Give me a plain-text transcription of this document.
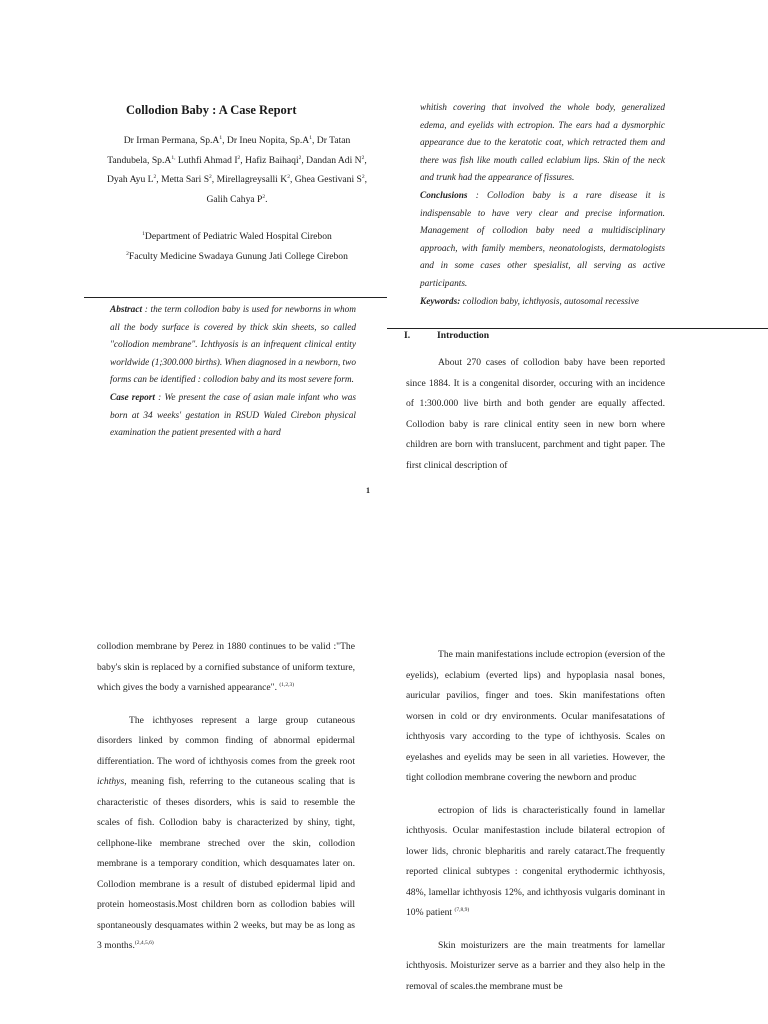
Collodion Baby : A Case Report
Dr Irman Permana, $Sp.A^1$, Dr Ineu Nopita, $Sp.A^1$, Dr Tatan Tandubela, $Sp.A^{1,}$ Luthfi Ahmad $I^2$, Hafiz Baihaqi$^2$, Dandan Adi $N^2$, Dyah Ayu $L^2$, Metta Sari $S^2$, Mirellagreysalli $K^2$, Ghea Gestivani $S^2$, Galih Cahya $P^2$.
$^1$Department of Pediatric Waled Hospital Cirebon
$^2$Faculty Medicine Swadaya Gunung Jati College Cirebon

whitish covering that involved the whole body, generalized edema, and eyelids with ectropion. The ears had a dysmorphic appearance due to the keratotic coat, which retracted them and there was fish like mouth called eclabium lips. Skin of the neck and trunk had the appearance of fissures.

Conclusions : Collodion baby is a rare disease it is indispensable to have very clear and precise information. Management of collodion baby need a multidisciplinary approach, with family members, neonatologists, dermatologists and in some cases other spesialist, all serving as active participants.

Keywords: collodion baby, ichthyosis, autosomal recessive

Abstract : the term collodion baby is used for newborns in whom all the body surface is covered by thick skin sheets, so called "collodion membrane". Ichthyosis is an infrequent clinical entity worldwide (1;300.000 births). When diagnosed in a newborn, two forms can be identified : collodion baby and its most severe form.

Case report : We present the case of asian male infant who was born at 34 weeks' gestation in RSUD Waled Cirebon physical examination the patient presented with a hard

I.	Introduction

About 270 cases of collodion baby have been reported since 1884. It is a congenital disorder, occuring with an incidence of 1:300.000 live birth and both gender are equally affected. Collodion baby is rare clinical entity seen in new born where children are born with translucent, parchment and tight paper. The first clinical description of

1

collodion membrane by Perez in 1880 continues to be valid :"The baby's skin is replaced by a cornified substance of uniform texture, which gives the body a varnished appearance". $^{(1,2,3)}$

The ichthyoses represent a large group cutaneous disorders linked by common finding of abnormal epidermal differentiation. The word of ichthyosis comes from the greek root ichthys, meaning fish, referring to the cutaneous scaling that is characteristic of theses disorders, whis is said to resemble the scales of fish. Collodion baby is characterized by shiny, tight, cellphone-like membrane streched over the skin, collodion membrane is a temporary condition, which desquamates later on. Collodion membrane is a result of distubed epidermal lipid and protein homeostasis.Most children born as collodion babies will spontaneously desquamates within 2 weeks, but may be as long as 3 months.$^{(2,4,5,6)}$

The main manifestations include ectropion (eversion of the eyelids), eclabium (everted lips) and hypoplasia nasal bones, auricular pavilios, finger and toes. Skin manifestations often worsen in cold or dry environments. Ocular manifesatations of ichthyosis vary according to the type of ichthyosis. Scales on eyelashes and eyelids may be seen in all varieties. However, the tight collodion membrane covering the newborn and produc

ectropion of lids is characteristically found in lamellar ichthyosis. Ocular manifestastion include bilateral ectropion of lower lids, chronic blepharitis and rarely cataract.The frequently reported clinical subtypes : congenital erythodermic ichthyosis, 48%, lamellar ichthyosis 12%, and ichthyosis vulgaris dominant in 10% patient $^{(7,8,9)}$

Skin moisturizers are the main treatments for lamellar ichthyosis. Moisturizer serve as a barrier and they also help in the removal of scales.the membrane must be
